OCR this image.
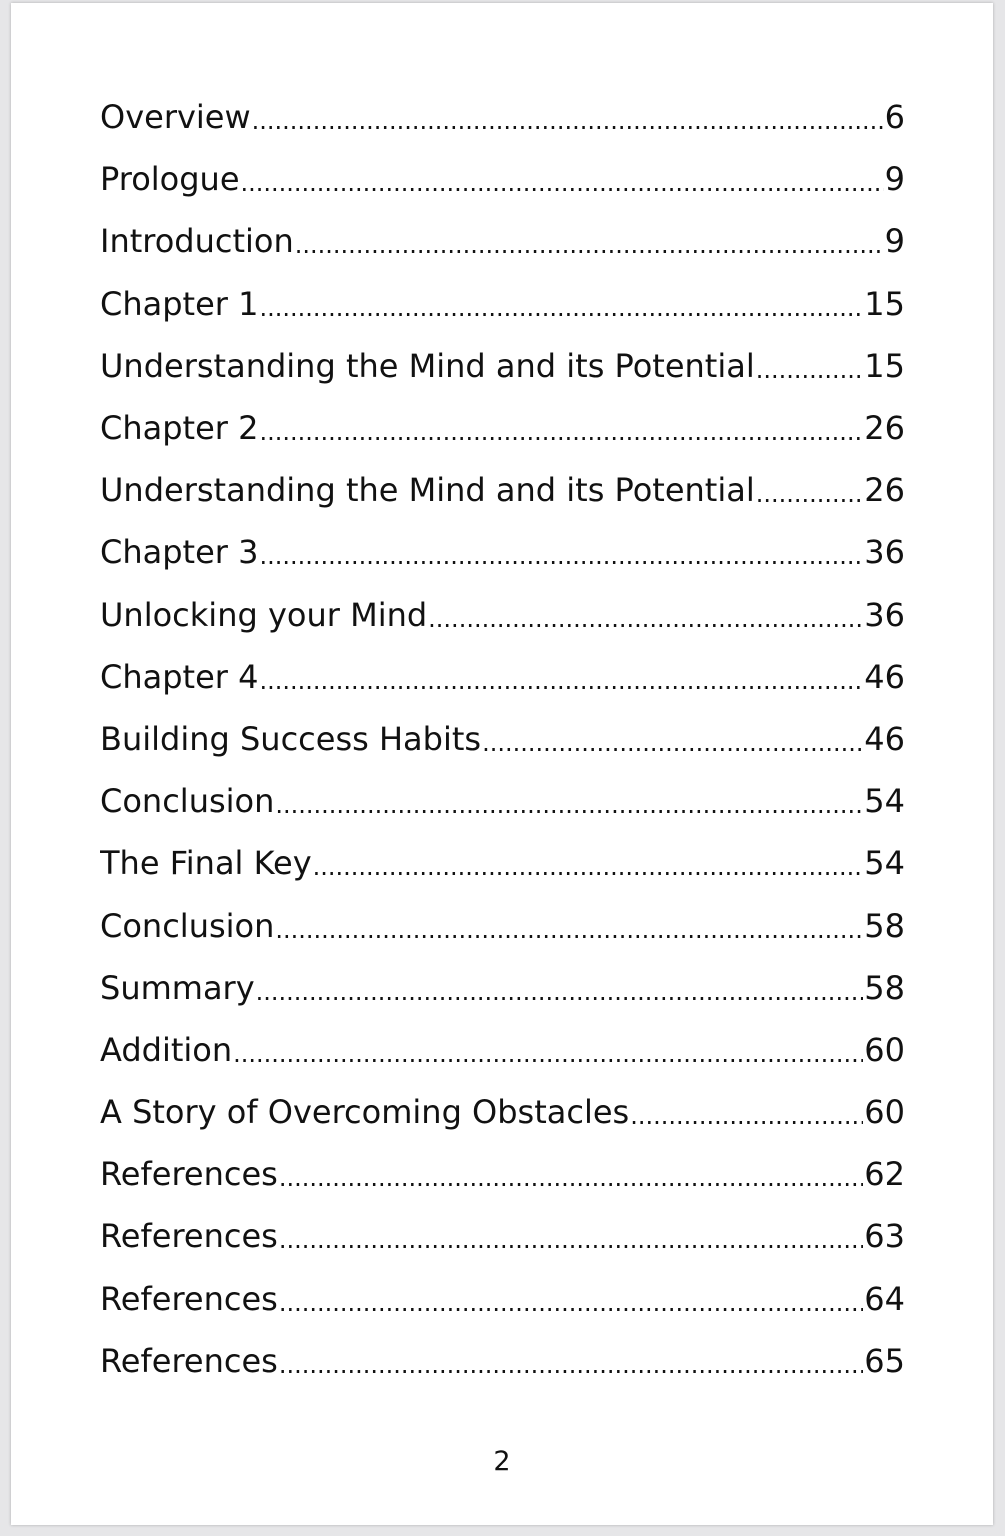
Overview .....	6
Prologue .....	9
Introduction .....	9
Chapter 1 .....	15
Understanding the Mind and its Potential .....	15
Chapter 2 .....	26
Understanding the Mind and its Potential .....	26
Chapter 3 .....	36
Unlocking your Mind .....	36
Chapter 4 .....	46
Building Success Habits .....	46
Conclusion .....	54
The Final Key .....	54
Conclusion .....	58
Summary .....	58
Addition .....	60
A Story of Overcoming Obstacles .....	60
References .....	62
References .....	63
References .....	64
References .....	65
2
